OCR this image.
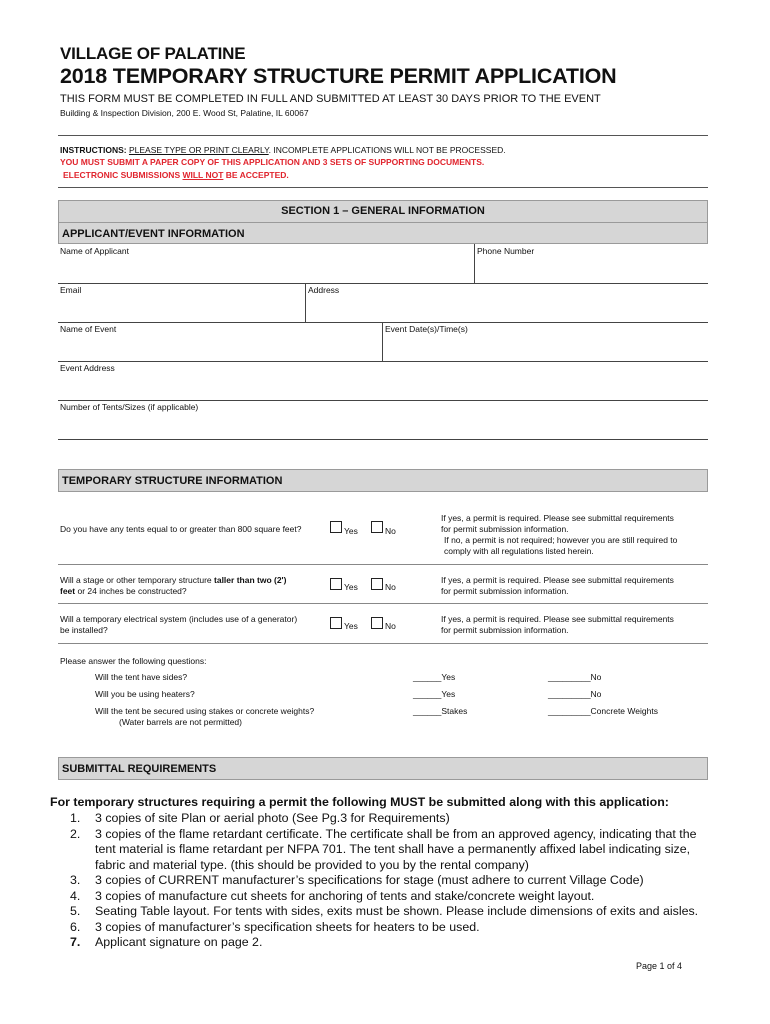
VILLAGE OF PALATINE
2018 TEMPORARY STRUCTURE PERMIT APPLICATION
THIS FORM MUST BE COMPLETED IN FULL AND SUBMITTED AT LEAST 30 DAYS PRIOR TO THE EVENT
Building & Inspection Division, 200 E. Wood St, Palatine, IL 60067
INSTRUCTIONS: PLEASE TYPE OR PRINT CLEARLY. INCOMPLETE APPLICATIONS WILL NOT BE PROCESSED.
YOU MUST SUBMIT A PAPER COPY OF THIS APPLICATION AND 3 SETS OF SUPPORTING DOCUMENTS.
ELECTRONIC SUBMISSIONS WILL NOT BE ACCEPTED.
SECTION 1 – GENERAL INFORMATION
APPLICANT/EVENT INFORMATION
Name of Applicant	Phone Number
Email	Address
Name of Event	Event Date(s)/Time(s)
Event Address
Number of Tents/Sizes (if applicable)
TEMPORARY STRUCTURE INFORMATION
Do you have any tents equal to or greater than 800 square feet?	Yes	No
If yes, a permit is required. Please see submittal requirements
for permit submission information.
If no, a permit is not required; however you are still required to
comply with all regulations listed herein.
Will a stage or other temporary structure taller than two (2')
feet or 24 inches be constructed?	Yes	No
If yes, a permit is required. Please see submittal requirements
for permit submission information.
Will a temporary electrical system (includes use of a generator)
be installed?	Yes	No
If yes, a permit is required. Please see submittal requirements
for permit submission information.
Please answer the following questions:
Will the tent have sides?	______Yes	_________No
Will you be using heaters?	______Yes	_________No
Will the tent be secured using stakes or concrete weights?
(Water barrels are not permitted)
______Stakes	_________Concrete Weights
SUBMITTAL REQUIREMENTS
For temporary structures requiring a permit the following MUST be submitted along with this application:
1.	3 copies of site Plan or aerial photo (See Pg.3 for Requirements)
2.	3 copies of the flame retardant certificate. The certificate shall be from an approved agency, indicating that the tent material is flame retardant per NFPA 701. The tent shall have a permanently affixed label indicating size, fabric and material type. (this should be provided to you by the rental company)
3.	3 copies of CURRENT manufacturer’s specifications for stage (must adhere to current Village Code)
4.	3 copies of manufacture cut sheets for anchoring of tents and stake/concrete weight layout.
5.	Seating Table layout. For tents with sides, exits must be shown. Please include dimensions of exits and aisles.
6.	3 copies of manufacturer’s specification sheets for heaters to be used.
7.	Applicant signature on page 2.
Page 1 of 4
